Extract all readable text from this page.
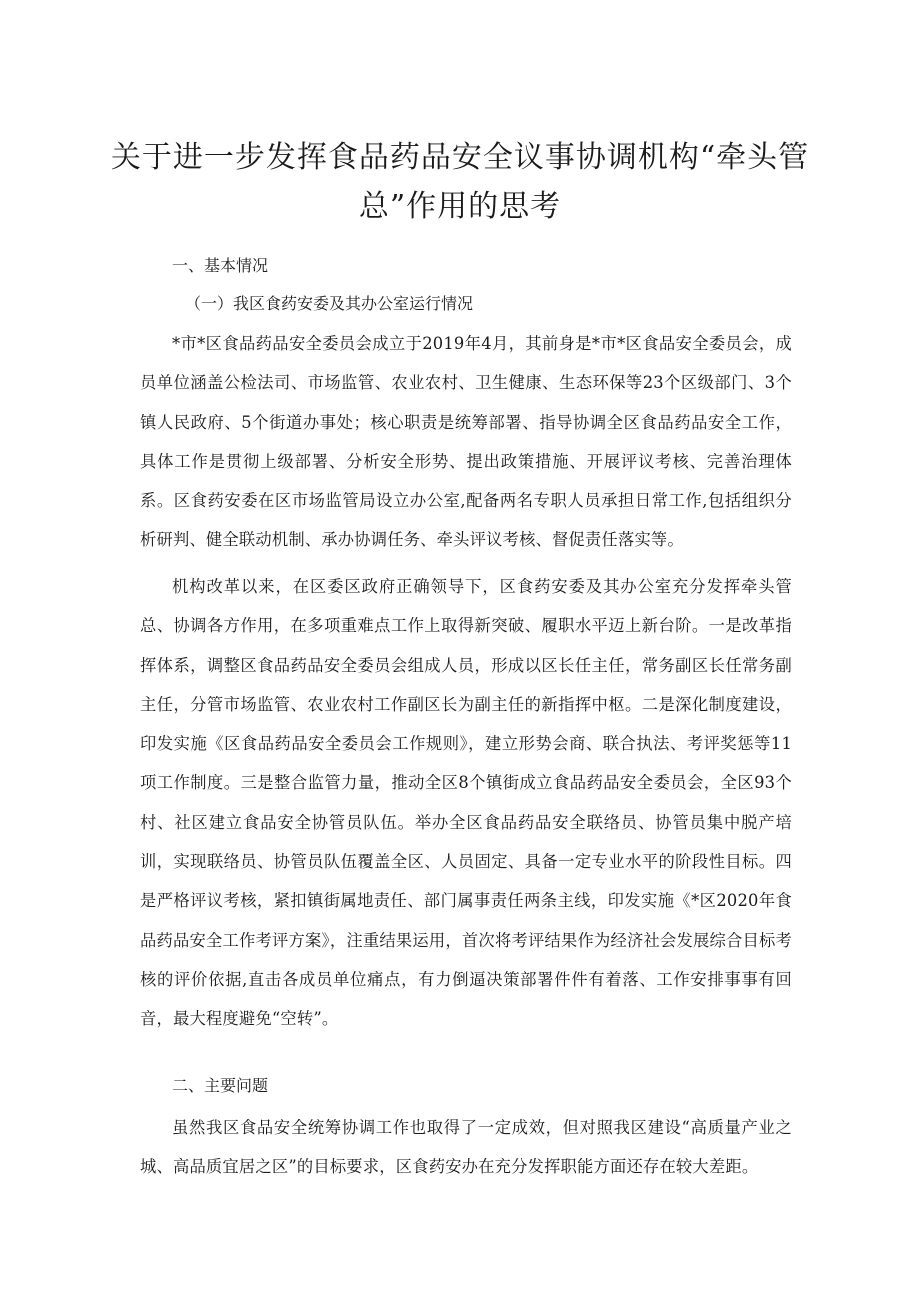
关于进一步发挥食品药品安全议事协调机构“牵头管
总”作用的思考

一、基本情况

（一）我区食药安委及其办公室运行情况

*市*区食品药品安全委员会成立于2019年4月，其前身是*市*区食品安全委员会，成员单位涵盖公检法司、市场监管、农业农村、卫生健康、生态环保等23个区级部门、3个镇人民政府、5个街道办事处；核心职责是统筹部署、指导协调全区食品药品安全工作，具体工作是贯彻上级部署、分析安全形势、提出政策措施、开展评议考核、完善治理体系。区食药安委在区市场监管局设立办公室,配备两名专职人员承担日常工作,包括组织分析研判、健全联动机制、承办协调任务、牵头评议考核、督促责任落实等。

机构改革以来，在区委区政府正确领导下，区食药安委及其办公室充分发挥牵头管总、协调各方作用，在多项重难点工作上取得新突破、履职水平迈上新台阶。一是改革指挥体系，调整区食品药品安全委员会组成人员，形成以区长任主任，常务副区长任常务副主任，分管市场监管、农业农村工作副区长为副主任的新指挥中枢。二是深化制度建设，印发实施《区食品药品安全委员会工作规则》，建立形势会商、联合执法、考评奖惩等11项工作制度。三是整合监管力量，推动全区8个镇街成立食品药品安全委员会，全区93个村、社区建立食品安全协管员队伍。举办全区食品药品安全联络员、协管员集中脱产培训，实现联络员、协管员队伍覆盖全区、人员固定、具备一定专业水平的阶段性目标。四是严格评议考核，紧扣镇街属地责任、部门属事责任两条主线，印发实施《*区2020年食品药品安全工作考评方案》，注重结果运用，首次将考评结果作为经济社会发展综合目标考核的评价依据,直击各成员单位痛点，有力倒逼决策部署件件有着落、工作安排事事有回音，最大程度避免“空转”。

二、主要问题

虽然我区食品安全统筹协调工作也取得了一定成效，但对照我区建设“高质量产业之城、高品质宜居之区”的目标要求，区食药安办在充分发挥职能方面还存在较大差距。
